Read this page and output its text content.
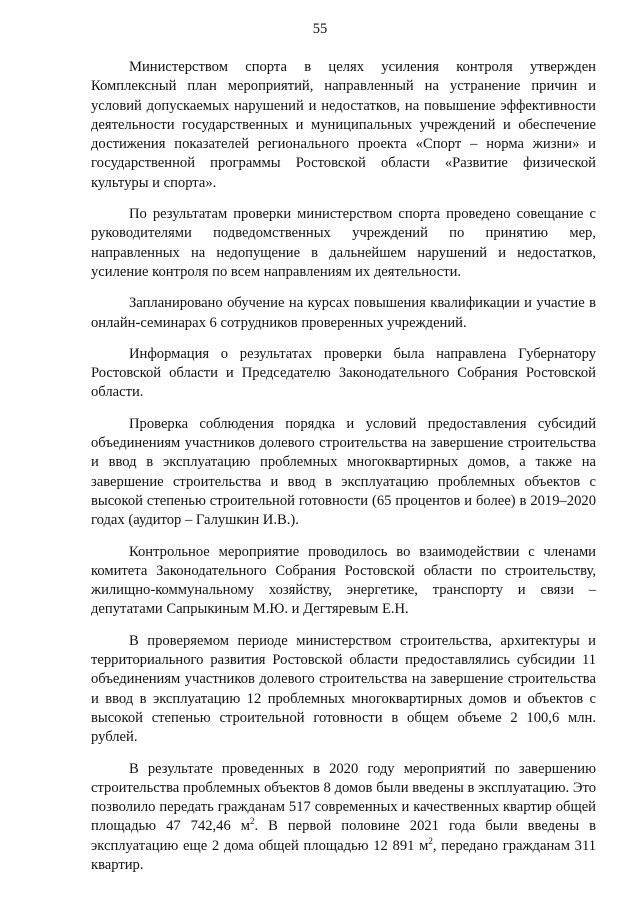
55

Министерством спорта в целях усиления контроля утвержден Комплексный план мероприятий, направленный на устранение причин и условий допускаемых нарушений и недостатков, на повышение эффективности деятельности государственных и муниципальных учреждений и обеспечение достижения показателей регионального проекта «Спорт – норма жизни» и государственной программы Ростовской области «Развитие физической культуры и спорта».

По результатам проверки министерством спорта проведено совещание с руководителями подведомственных учреждений по принятию мер, направленных на недопущение в дальнейшем нарушений и недостатков, усиление контроля по всем направлениям их деятельности.

Запланировано обучение на курсах повышения квалификации и участие в онлайн-семинарах 6 сотрудников проверенных учреждений.

Информация о результатах проверки была направлена Губернатору Ростовской области и Председателю Законодательного Собрания Ростовской области.

Проверка соблюдения порядка и условий предоставления субсидий объединениям участников долевого строительства на завершение строительства и ввод в эксплуатацию проблемных многоквартирных домов, а также на завершение строительства и ввод в эксплуатацию проблемных объектов с высокой степенью строительной готовности (65 процентов и более) в 2019–2020 годах (аудитор – Галушкин И.В.).

Контрольное мероприятие проводилось во взаимодействии с членами комитета Законодательного Собрания Ростовской области по строительству, жилищно-коммунальному хозяйству, энергетике, транспорту и связи – депутатами Сапрыкиным М.Ю. и Дегтяревым Е.Н.

В проверяемом периоде министерством строительства, архитектуры и территориального развития Ростовской области предоставлялись субсидии 11 объединениям участников долевого строительства на завершение строительства и ввод в эксплуатацию 12 проблемных многоквартирных домов и объектов с высокой степенью строительной готовности в общем объеме 2 100,6 млн. рублей.

В результате проведенных в 2020 году мероприятий по завершению строительства проблемных объектов 8 домов были введены в эксплуатацию. Это позволило передать гражданам 517 современных и качественных квартир общей площадью 47 742,46 $м^2$. В первой половине 2021 года были введены в эксплуатацию еще 2 дома общей площадью 12 891 $м^2$, передано гражданам 311 квартир.
